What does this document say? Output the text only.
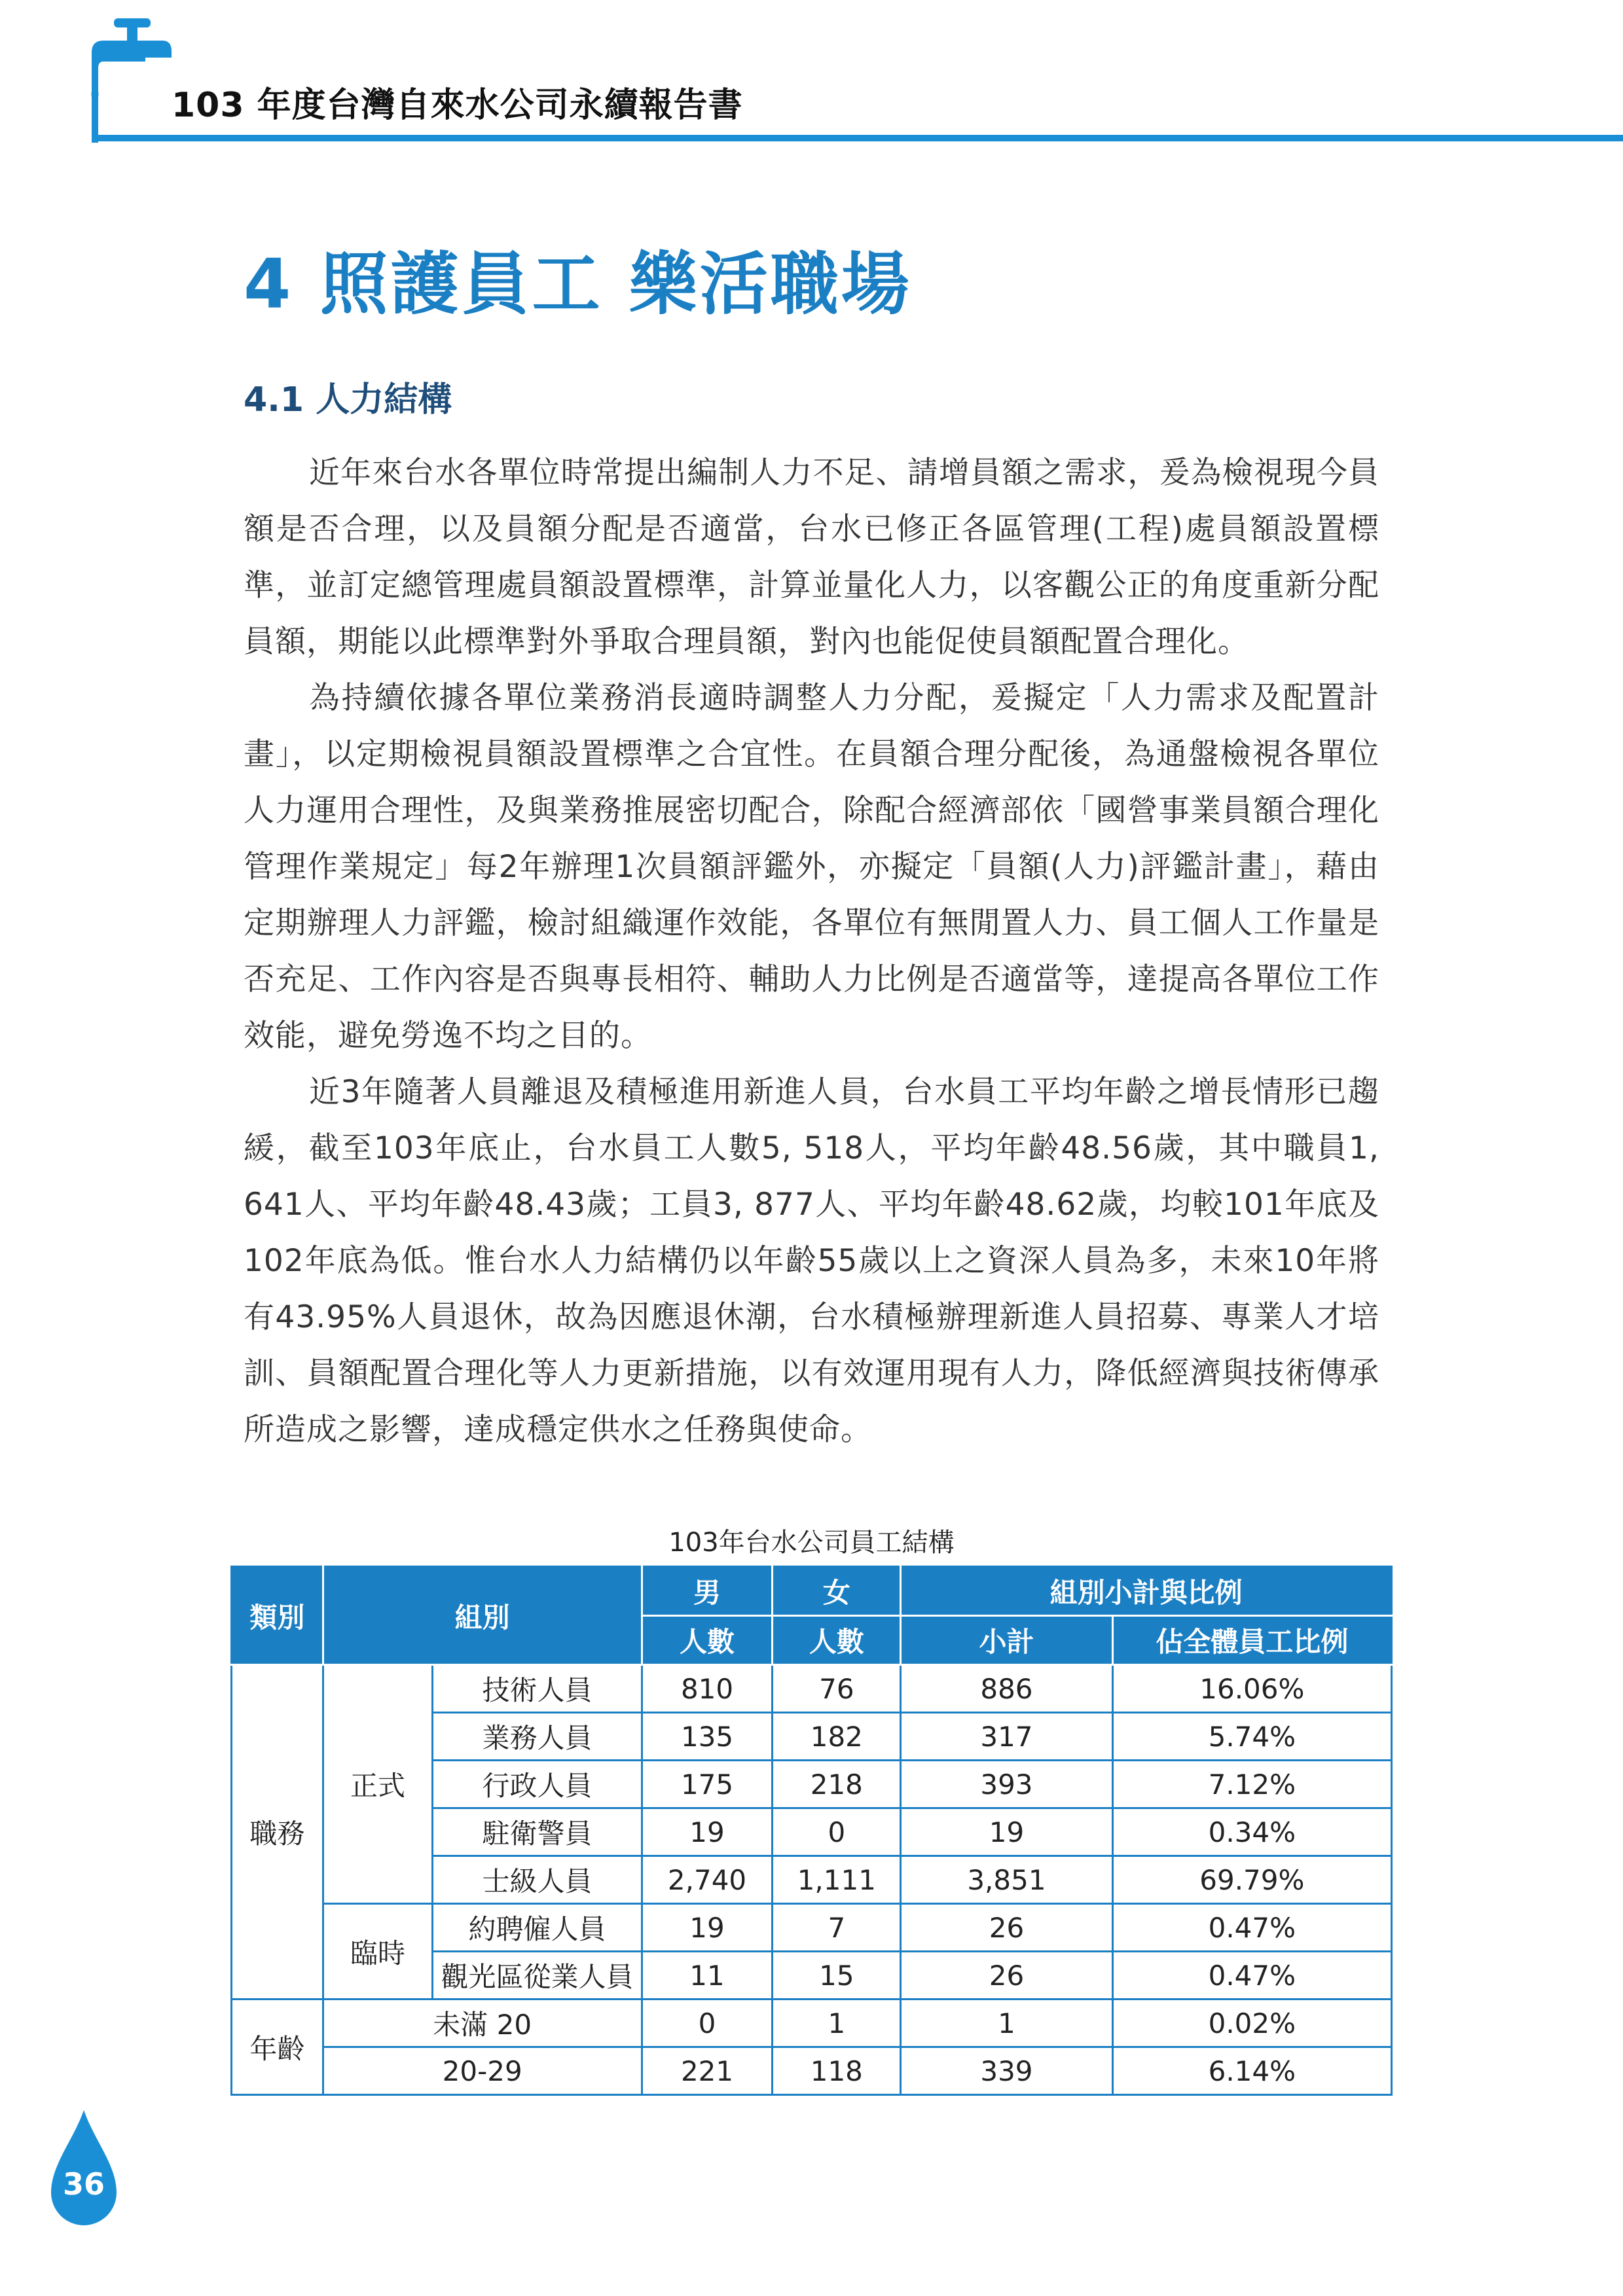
103 年度台灣自來水公司永續報告書
4 照護員工 樂活職場
4.1 人力結構

近年來台水各單位時常提出編制人力不足、請增員額之需求，爰為檢視現今員額是否合理，以及員額分配是否適當，台水已修正各區管理(工程)處員額設置標準，並訂定總管理處員額設置標準，計算並量化人力，以客觀公正的角度重新分配員額，期能以此標準對外爭取合理員額，對內也能促使員額配置合理化。

為持續依據各單位業務消長適時調整人力分配，爰擬定「人力需求及配置計畫」，以定期檢視員額設置標準之合宜性。在員額合理分配後，為通盤檢視各單位人力運用合理性，及與業務推展密切配合，除配合經濟部依「國營事業員額合理化管理作業規定」每2年辦理1次員額評鑑外，亦擬定「員額(人力)評鑑計畫」，藉由定期辦理人力評鑑，檢討組織運作效能，各單位有無閒置人力、員工個人工作量是否充足、工作內容是否與專長相符、輔助人力比例是否適當等，達提高各單位工作效能，避免勞逸不均之目的。

近3年隨著人員離退及積極進用新進人員，台水員工平均年齡之增長情形已趨緩，截至103年底止，台水員工人數5, 518人，平均年齡48.56歲，其中職員1, 641人、平均年齡48.43歲；工員3, 877人、平均年齡48.62歲，均較101年底及102年底為低。惟台水人力結構仍以年齡55歲以上之資深人員為多，未來10年將有43.95%人員退休，故為因應退休潮，台水積極辦理新進人員招募、專業人才培訓、員額配置合理化等人力更新措施，以有效運用現有人力，降低經濟與技術傳承所造成之影響，達成穩定供水之任務與使命。

103年台水公司員工結構
類別	組別		男	女	組別小計與比例	
			人數	人數	小計	佔全體員工比例
職務	正式	技術人員	810	76	886	16.06%
		業務人員	135	182	317	5.74%
		行政人員	175	218	393	7.12%
		駐衛警員	19	0	19	0.34%
		士級人員	2,740	1,111	3,851	69.79%
	臨時	約聘僱人員	19	7	26	0.47%
		觀光區從業人員	11	15	26	0.47%
年齡	未滿 20		0	1	1	0.02%
	20-29		221	118	339	6.14%
36
